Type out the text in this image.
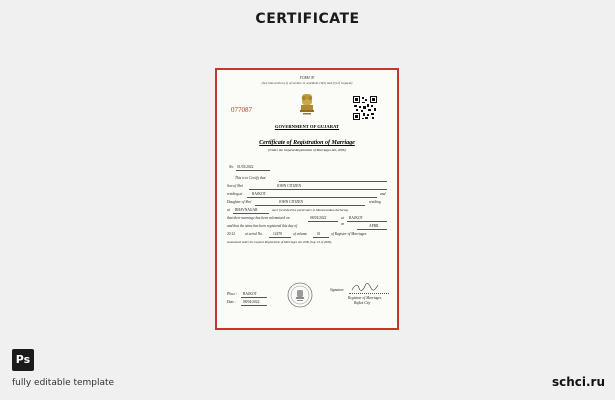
CERTIFICATE
FORM 'B'
(See Sub-section (1) of section 11 and Rule 10(2) and (3) of Gujarat)
077087
GOVERNMENT OF GUJARAT
Certificate of Registration of Marriage
(Under the Gujarat Registration of Marriages Act, 2006)
No. 01/03/2022
This is to Certify that
Son of Shri	JOHN CITIZEN
residing at	RAJKOT	and
Daughter of Shri	JOHN CITIZEN	residing
at BHAVNAGAR	have furnished the particulars in Memorandum declaring
that their marriage has been solemnized on	08/03/2022	at RAJKOT
and that the same has been registered this day of	08	APRIL
20 22	at serial No.	12478	of volume	01	of Register of Marriages
maintained under the Gujarat Registration of Marriages Act 2006 (Guj. 16 of 2006).
Signature
Registrar of Marriages
Rajkot City
Place : RAJKOT
Date : 08/04/2022
Ps
fully editable template	schci.ru
